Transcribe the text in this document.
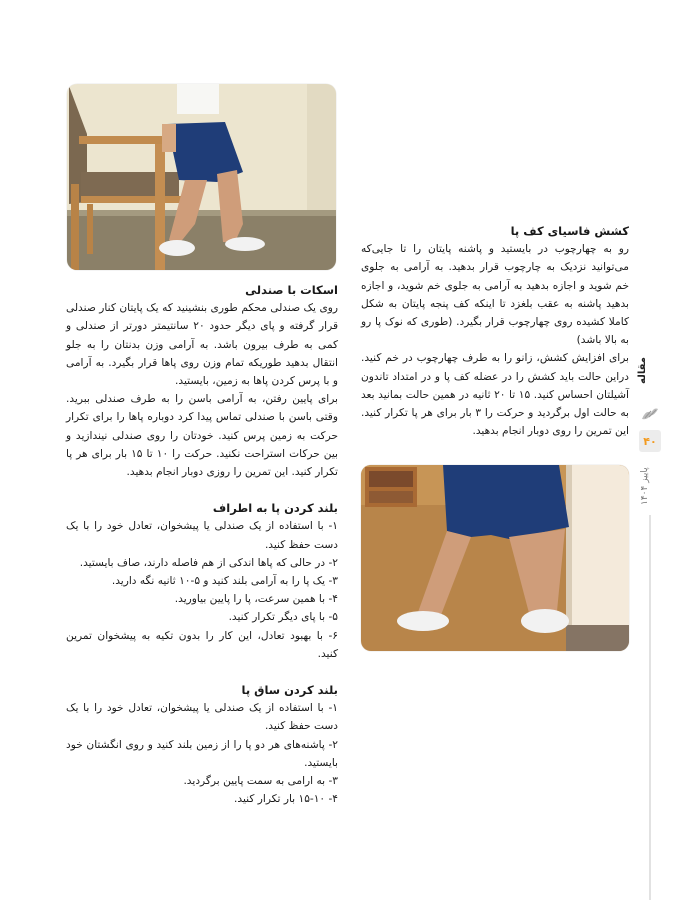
کشش فاسیای کف پا

رو به چهارچوب در بایستید و پاشنه پایتان را تا جایی‌که می‌توانید نزدیک به چارچوب قرار بدهید. به آرامی به جلوی خم شوید و اجازه بدهید به آرامی به جلوی خم شوید، و اجازه بدهید پاشنه به عقب بلغزد تا اینکه کف پنجه پایتان به شکل کاملا کشیده روی چهارچوب قرار بگیرد. (طوری که نوک پا رو به بالا باشد)

برای افزایش کشش، زانو را به طرف چهارچوب در خم کنید. دراین حالت باید کشش را در عضله کف پا و در امتداد تاندون آشیلتان احساس کنید. ۱۵ تا ۲۰ ثانیه در همین حالت بمانید بعد به حالت اول برگردید و حرکت را ۳ بار برای هر پا تکرار کنید. این تمرین را روی دوبار انجام بدهید.

اسکات با صندلی

روی یک صندلی محکم طوری بنشینید که یک پایتان کنار صندلی قرار گرفته و پای دیگر حدود ۲۰ سانتیمتر دورتر از صندلی و کمی به طرف بیرون باشد. به آرامی وزن بدنتان را به جلو انتقال بدهید طوریکه تمام وزن روی پاها قرار بگیرد. به آرامی و با پرس کردن پاها به زمین، بایستید.

برای پایین رفتن، به آرامی باسن را به طرف صندلی ببرید. وقتی باسن با صندلی تماس پیدا کرد دوباره پاها را برای تکرار حرکت به زمین پرس کنید. خودتان را روی صندلی نیندازید و بین حرکات استراحت نکنید. حرکت را ۱۰ تا ۱۵ بار برای هر پا تکرار کنید. این تمرین را روزی دوبار انجام بدهید.

بلند کردن پا به اطراف

۱- با استفاده از یک صندلی یا پیشخوان، تعادل خود را با یک دست حفظ کنید.

۲- در حالی که پاها اندکی از هم فاصله دارند، صاف بایستید.

۳- یک پا را به آرامی بلند کنید و ۵-۱۰ ثانیه نگه دارید.

۴- با همین سرعت، پا را پایین بیاورید.

۵- با پای دیگر تکرار کنید.

۶- با بهبود تعادل، این کار را بدون تکیه به پیشخوان تمرین کنید.

بلند کردن ساق پا

۱- با استفاده از یک صندلی یا پیشخوان، تعادل خود را با یک دست حفظ کنید.

۲- پاشنه‌های هر دو پا را از زمین بلند کنید و روی انگشتان خود بایستید.

۳- به ارامی به سمت پایین برگردید.

۴- ۱۵-۱۰ بار تکرار کنید.

مقاله
۴۰
پاییز ۱۴۰۴
